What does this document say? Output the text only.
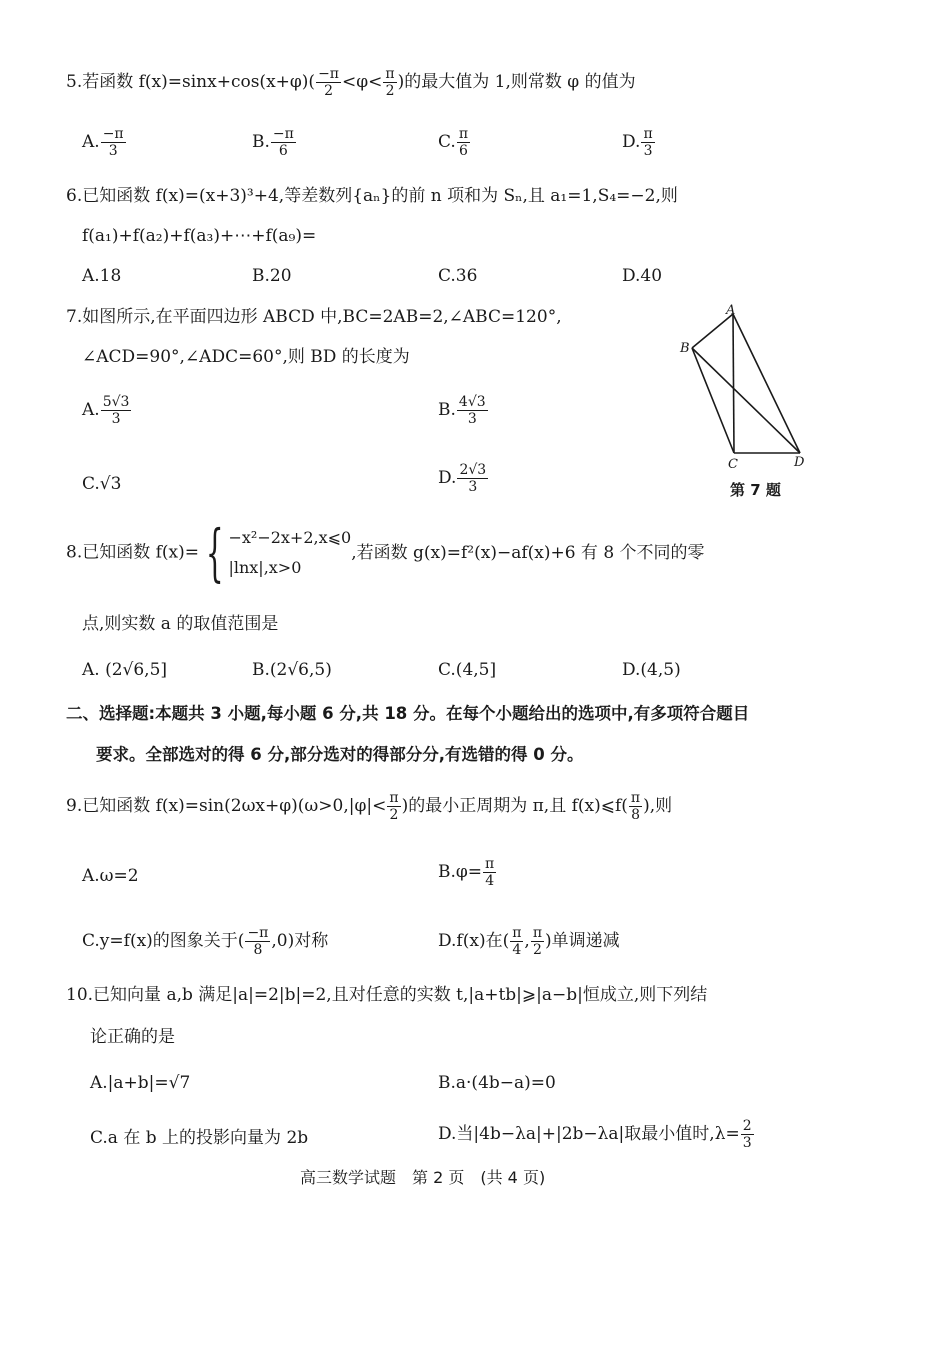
5.若函数 $f(x)=\sin x+\cos(x+\varphi)( \frac{-\pi}{2} <\varphi< \frac{\pi}{2}$ )的最大值为 1,则常数 φ 的值为
A. $\frac{-\pi}{3}$	B. $\frac{-\pi}{6}$	C. $\frac{\pi}{6}$	D. $\frac{\pi}{3}$
6.已知函数 f(x)=(x+3)³+4,等差数列{aₙ}的前 n 项和为 Sₙ,且 a₁=1,S₄=−2,则
f(a₁)+f(a₂)+f(a₃)+⋯+f(a₉)=
A.18	B.20	C.36	D.40
7.如图所示,在平面四边形 ABCD 中,BC=2AB=2,∠ABC=120°,
∠ACD=90°,∠ADC=60°,则 BD 的长度为
A. $\frac{5√3}{3}$	B. $\frac{4√3}{3}$
C.√3	D. $\frac{2√3}{3}$
A
B
C	D
第 7 题
8.已知函数 f(x)= { −x²−2x+2,x⩽0
|lnx|,x>0
,若函数 g(x)=f²(x)−af(x)+6 有 8 个不同的零
点,则实数 a 的取值范围是
A. (2√6,5]	B.(2√6,5)	C.(4,5]	D.(4,5)
二、选择题:本题共 3 小题,每小题 6 分,共 18 分。在每个小题给出的选项中,有多项符合题目
要求。全部选对的得 6 分,部分选对的得部分分,有选错的得 0 分。
9.已知函数 $f(x)=\sin(2\omega x+\varphi)(\omega>0,|\varphi|< \frac{\pi}{2}$ )的最小正周期为 π,且 f(x)⩽f( $\frac{\pi}{8}$ ),则
A.ω=2	$B.\varphi= \frac{\pi}{4}$
C.y=f(x)的图象关于( $\frac{-\pi}{8} ,0$)对称	D.f(x)在( $\frac{\pi}{4}$ , $\frac{\pi}{2}$ )单调递减
10.已知向量 a,b 满足|a|=2|b|=2,且对任意的实数 t,|a+tb|⩾|a−b|恒成立,则下列结
论正确的是
A.|a+b|=√7	B.a·(4b−a)=0
C.a 在 b 上的投影向量为 2b	D.当|4b−λa|+|2b−λa|取最小值时$,\lambda= \frac{2}{3}$
高三数学试题　第 2 页　(共 4 页)
